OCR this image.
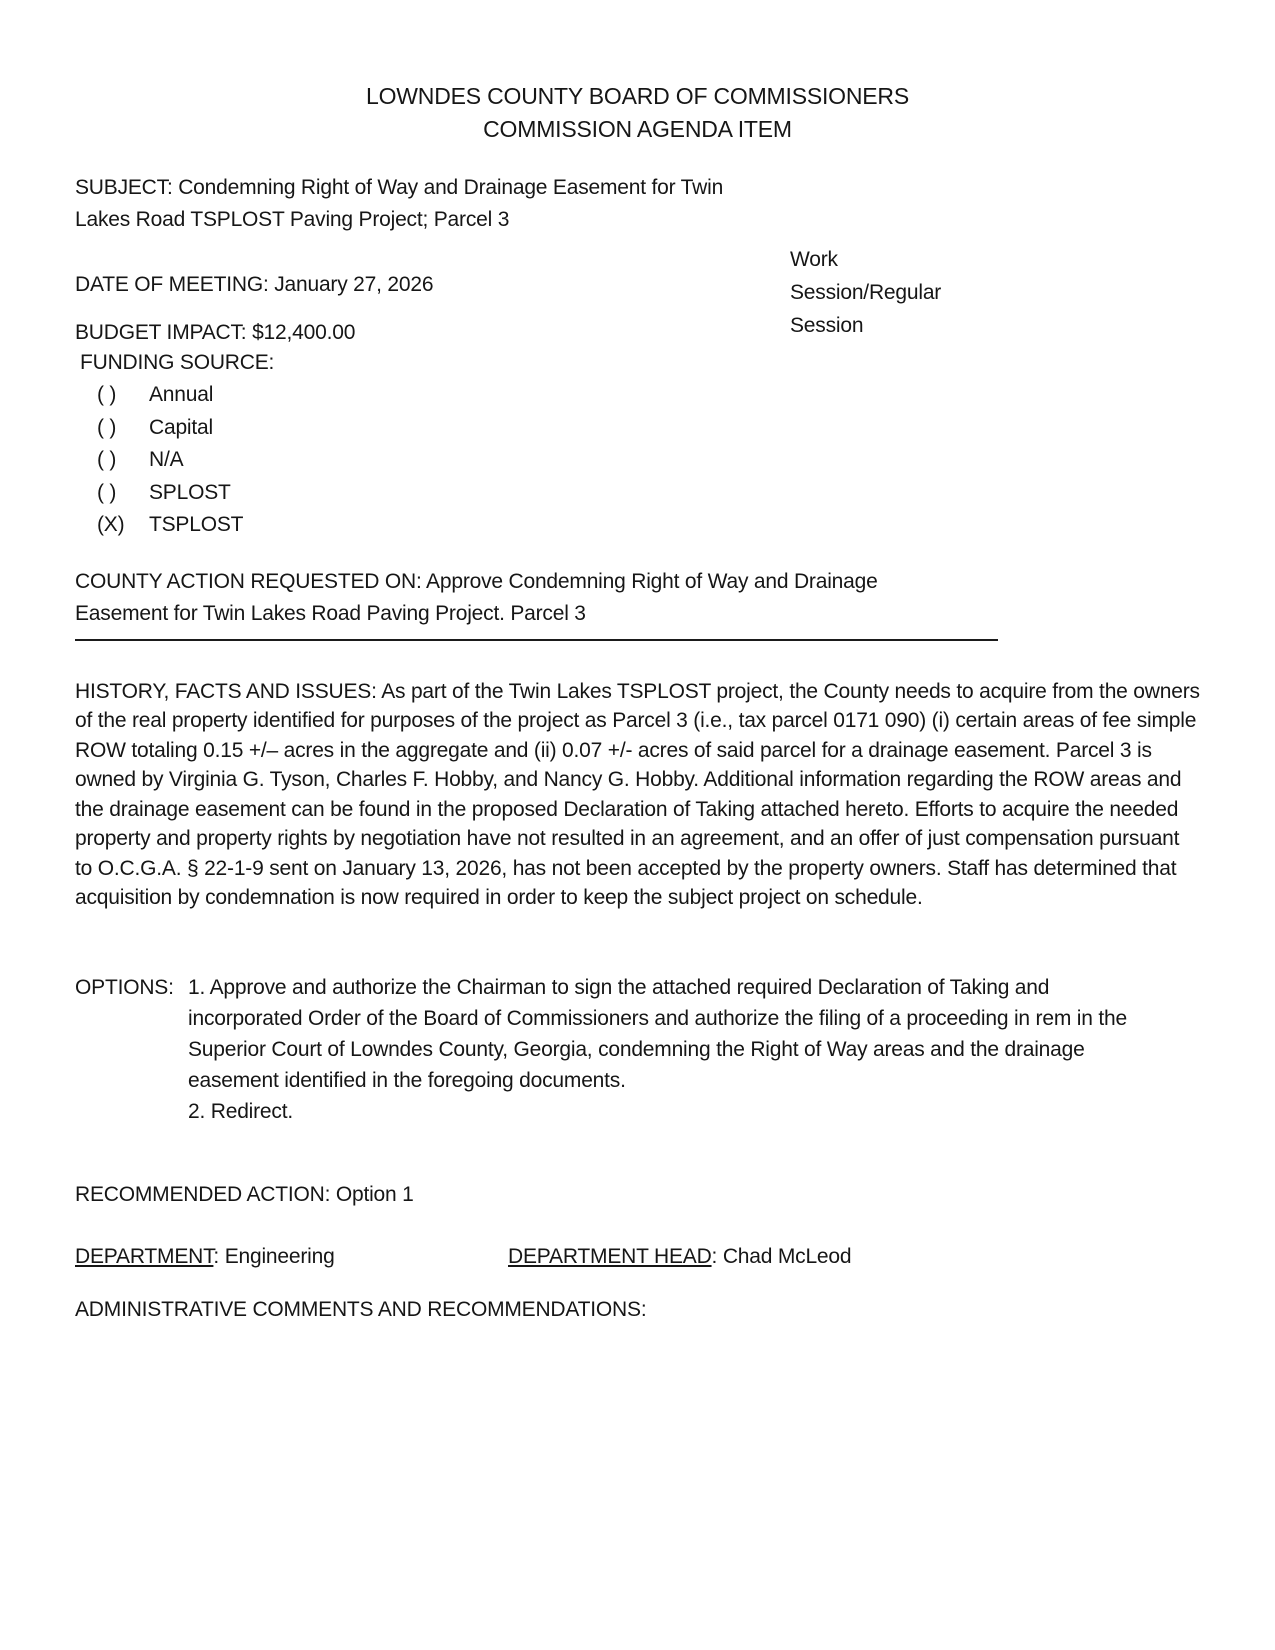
LOWNDES COUNTY BOARD OF COMMISSIONERS
COMMISSION AGENDA ITEM
SUBJECT: Condemning Right of Way and Drainage Easement for Twin Lakes Road TSPLOST Paving Project; Parcel 3
Work Session/Regular Session
DATE OF MEETING: January 27, 2026
BUDGET IMPACT: $12,400.00
FUNDING SOURCE:
( )	Annual
( )	Capital
( )	N/A
( )	SPLOST
(X)	TSPLOST
COUNTY ACTION REQUESTED ON: Approve Condemning Right of Way and Drainage
Easement for Twin Lakes Road Paving Project. Parcel 3
HISTORY, FACTS AND ISSUES: As part of the Twin Lakes TSPLOST project, the County needs to acquire from the owners of the real property identified for purposes of the project as Parcel 3 (i.e., tax parcel 0171 090) (i) certain areas of fee simple ROW totaling 0.15 +/– acres in the aggregate and (ii) 0.07 +/- acres of said parcel for a drainage easement. Parcel 3 is owned by Virginia G. Tyson, Charles F. Hobby, and Nancy G. Hobby. Additional information regarding the ROW areas and the drainage easement can be found in the proposed Declaration of Taking attached hereto. Efforts to acquire the needed property and property rights by negotiation have not resulted in an agreement, and an offer of just compensation pursuant to O.C.G.A. § 22-1-9 sent on January 13, 2026, has not been accepted by the property owners. Staff has determined that acquisition by condemnation is now required in order to keep the subject project on schedule.
OPTIONS: 1. Approve and authorize the Chairman to sign the attached required Declaration of Taking and incorporated Order of the Board of Commissioners and authorize the filing of a proceeding in rem in the Superior Court of Lowndes County, Georgia, condemning the Right of Way areas and the drainage easement identified in the foregoing documents.
2. Redirect.
RECOMMENDED ACTION: Option 1
DEPARTMENT: Engineering	DEPARTMENT HEAD: Chad McLeod
ADMINISTRATIVE COMMENTS AND RECOMMENDATIONS:
